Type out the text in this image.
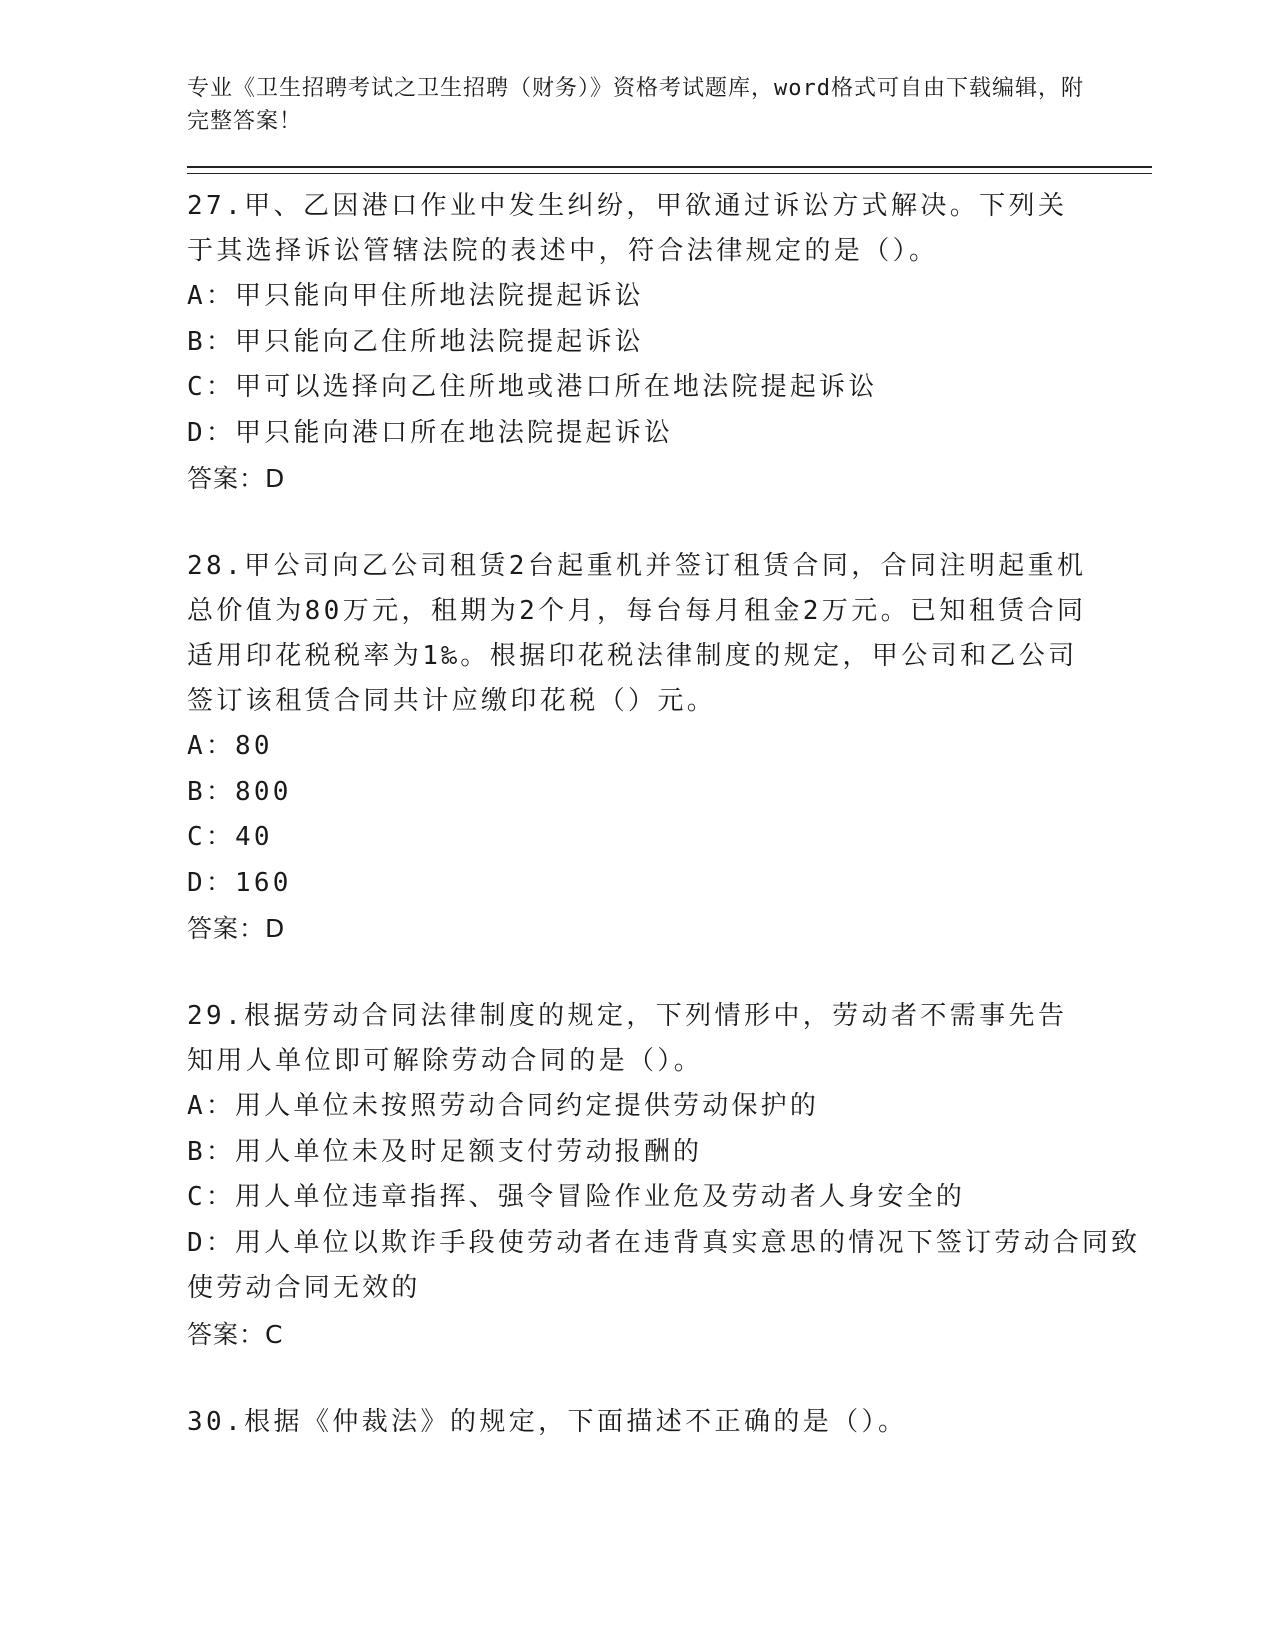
专业《卫生招聘考试之卫生招聘（财务）》资格考试题库，word格式可自由下载编辑，附完整答案！

27.甲、乙因港口作业中发生纠纷，甲欲通过诉讼方式解决。下列关于其选择诉讼管辖法院的表述中，符合法律规定的是（）。

A：甲只能向甲住所地法院提起诉讼

B：甲只能向乙住所地法院提起诉讼

C：甲可以选择向乙住所地或港口所在地法院提起诉讼

D：甲只能向港口所在地法院提起诉讼

答案：D

28.甲公司向乙公司租赁2台起重机并签订租赁合同，合同注明起重机总价值为80万元，租期为2个月，每台每月租金2万元。已知租赁合同适用印花税税率为1‰。根据印花税法律制度的规定，甲公司和乙公司签订该租赁合同共计应缴印花税（）元。

A：80

B：800

C：40

D：160

答案：D

29.根据劳动合同法律制度的规定，下列情形中，劳动者不需事先告知用人单位即可解除劳动合同的是（）。

A：用人单位未按照劳动合同约定提供劳动保护的

B：用人单位未及时足额支付劳动报酬的

C：用人单位违章指挥、强令冒险作业危及劳动者人身安全的

D：用人单位以欺诈手段使劳动者在违背真实意思的情况下签订劳动合同致使劳动合同无效的

答案：C

30.根据《仲裁法》的规定，下面描述不正确的是（）。
